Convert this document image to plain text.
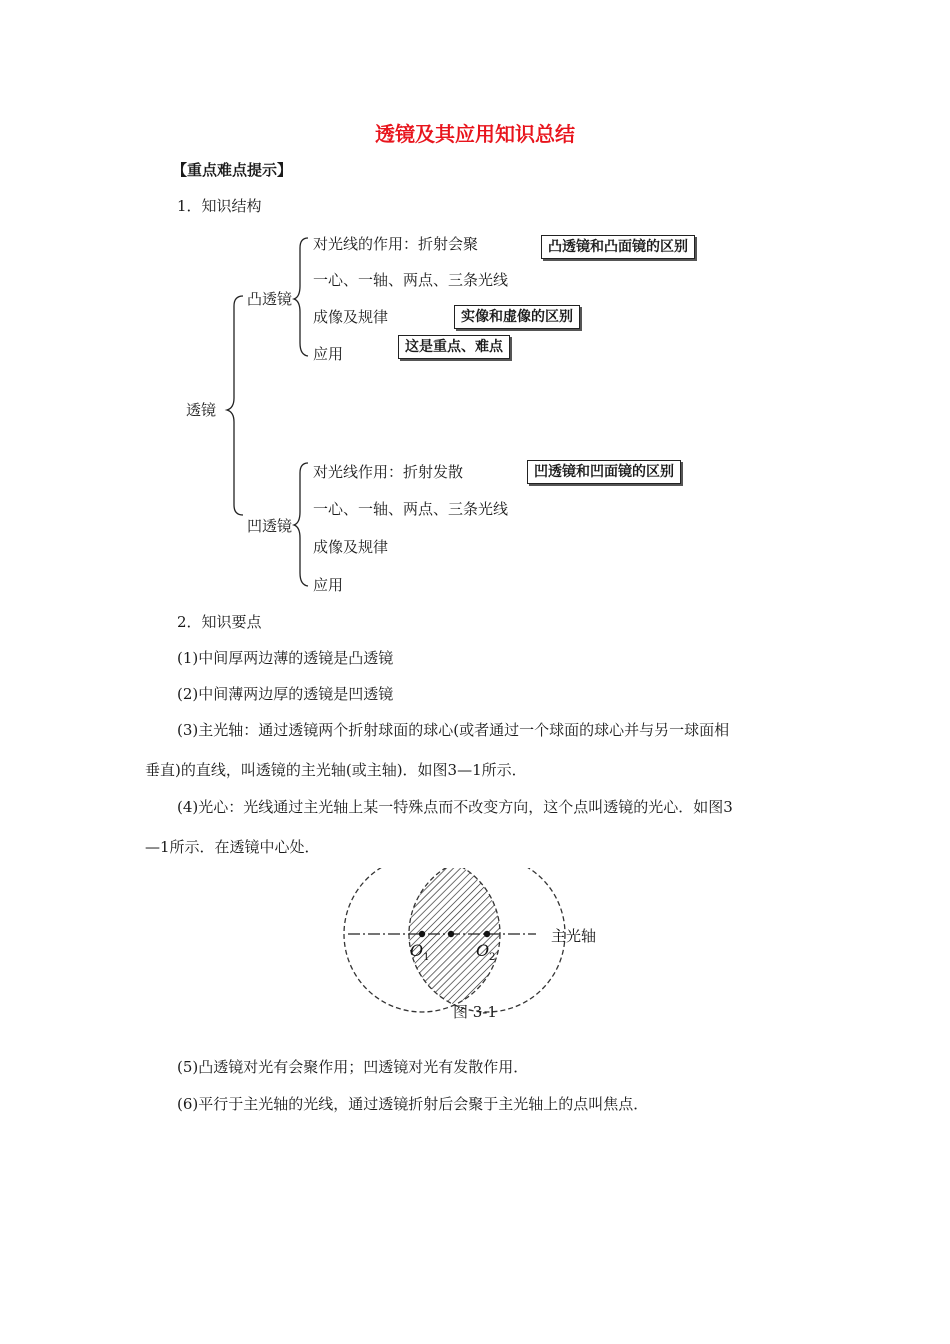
透镜及其应用知识总结
【重点难点提示】
1．知识结构
透镜
凸透镜
对光线的作用：折射会聚
一心、一轴、两点、三条光线
成像及规律
应用
凸透镜和凸面镜的区别
实像和虚像的区别
这是重点、难点
凹透镜
对光线作用：折射发散
一心、一轴、两点、三条光线
成像及规律
应用
凹透镜和凹面镜的区别
2．知识要点
(1)中间厚两边薄的透镜是凸透镜
(2)中间薄两边厚的透镜是凹透镜
(3)主光轴：通过透镜两个折射球面的球心(或者通过一个球面的球心并与另一球面相
垂直)的直线，叫透镜的主光轴(或主轴)．如图3—1所示．
(4)光心：光线通过主光轴上某一特殊点而不改变方向，这个点叫透镜的光心．如图3
—1所示．在透镜中心处．
$O_1$	$O_2$
主光轴
图 3-1
(5)凸透镜对光有会聚作用；凹透镜对光有发散作用．
(6)平行于主光轴的光线，通过透镜折射后会聚于主光轴上的点叫焦点．
